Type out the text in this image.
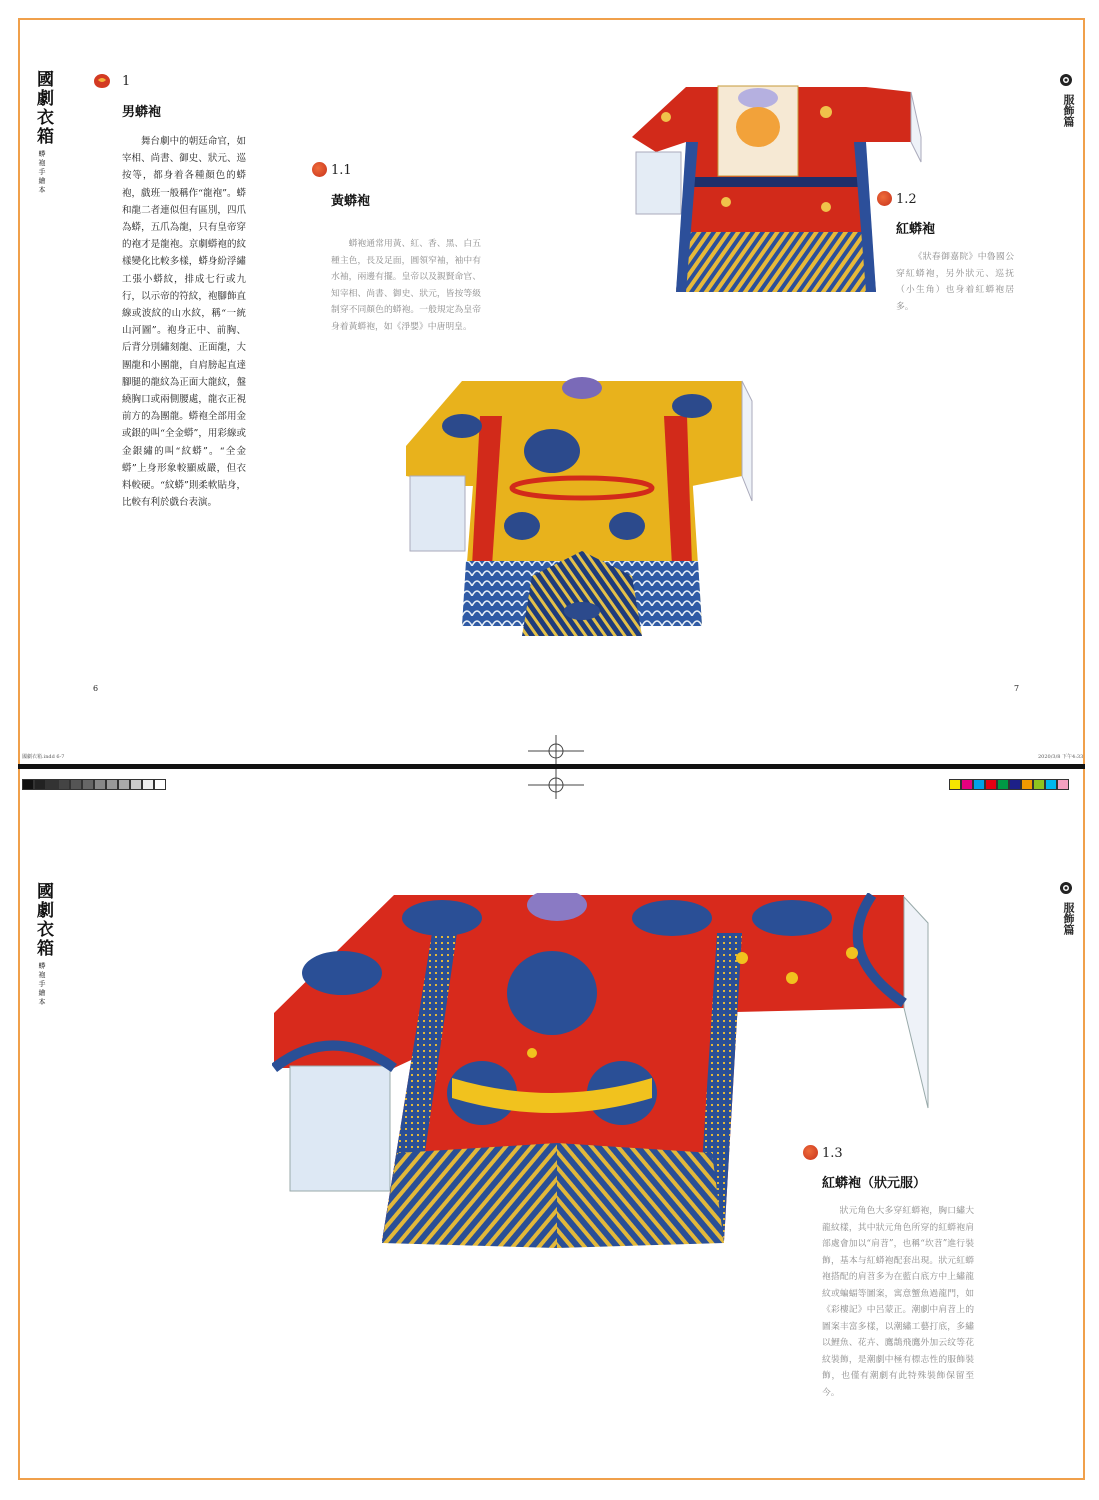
國劇衣箱
蟒袍手繪本
服飾篇
1
男蟒袍
舞台劇中的朝廷命官，如宰相、尚書、御史、狀元、巡按等，都身着各種顏色的蟒袍，戲班一般稱作“龍袍”。蟒和龍二者連似但有區別，四爪為蟒，五爪為龍，只有皇帝穿的袍才是龍袍。京劇蟒袍的紋樣變化比較多樣，蟒身紛浮繡工張小蟒紋，排成七行或九行，以示帝的符紋，袍腳飾直線或波紋的山水紋，稱“一統山河圖”。袍身正中、前胸、后背分別繡刻龍、正面龍，大團龍和小團龍，自肩膀起直達腳腿的龍紋為正面大龍紋，盤繞胸口或兩側腰處，龍衣正視前方的為團龍。蟒袍全部用金或銀的叫“全金蟒”，用彩線或金銀繡的叫“紋蟒”。“全金蟒”上身形象較顯威嚴，但衣料較硬。“紋蟒”則柔軟貼身，比較有利於戲台表演。
1.1
黃蟒袍
蟒袍通常用黃、紅、香、黑、白五種主色，長及足面，圓領窄袖，袖中有水袖，兩邊有擺。皇帝以及親賢命官、知宰相、尚書、御史、狀元，皆按等級制穿不同顏色的蟒袍。一般規定為皇帝身着黃蟒袍，如《淨嬰》中唐明皇。
1.2
紅蟒袍
《狀春御嘉院》中魯國公穿紅蟒袍，另外狀元、巡抚（小生角）也身着紅蟒袍居多。
6	7
國劇衣箱.indd 6-7	2020/3/8 下午4:33
國劇衣箱
蟒袍手繪本
服飾篇
1.3
紅蟒袍（狀元服）
狀元角色大多穿紅蟒袍，胸口繡大龍紋樣，其中狀元角色所穿的紅蟒袍肩部處會加以“肩苕”，也稱“坎苕”進行裝飾，基本与紅蟒袍配套出現。狀元紅蟒袍搭配的肩苕多为在藍白底方中上繡龍紋或蝙蝠等圖案，寓意蟹魚過龍門，如《彩樓記》中呂蒙正。潮劇中肩苕上的圖案丰富多樣，以潮繡工藝打底，多繡以鯉魚、花卉、鷹鵲飛鷹外加云纹等花紋裝飾，是潮劇中極有標志性的服飾裝飾，也僅有潮劇有此特殊裝飾保留至今。
